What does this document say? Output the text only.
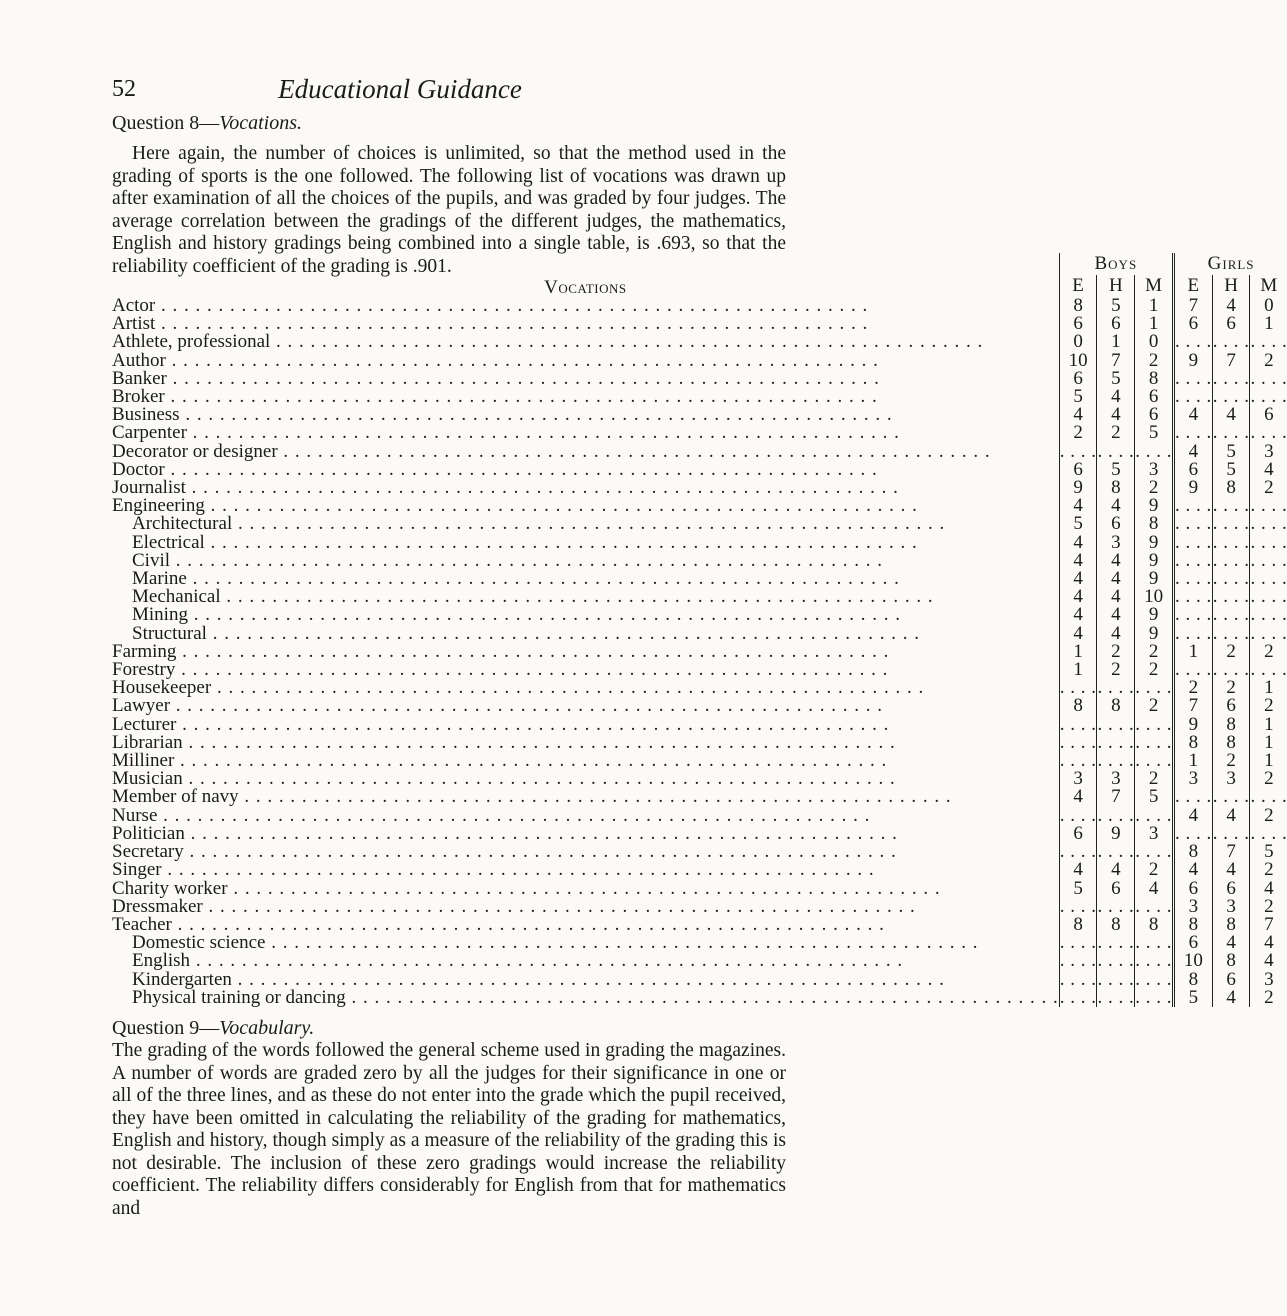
52	Educational Guidance
Question 8—Vocations.
Here again, the number of choices is unlimited, so that the method used in the grading of sports is the one followed. The following list of vocations was drawn up after examination of all the choices of the pupils, and was graded by four judges. The average correlation between the gradings of the different judges, the mathematics, English and history gradings being combined into a single table, is .693, so that the reliability coefficient of the grading is .901.
Vocations	Boys			Girls		
	E	H	M	E	H	M

Actor . . .	8	5	1	7	4	0

Artist . . .	6	6	1	6	6	1

Athlete, professional . . .	0	1	0	. . . .	. . . .	. . . .

Author . . .	10	7	2	9	7	2

Banker . . .	6	5	8	. . . .	. . . .	. . . .

Broker . . .	5	4	6	. . . .	. . . .	. . . .

Business . . .	4	4	6	4	4	6

Carpenter . . .	2	2	5	. . . .	. . . .	. . . .

Decorator or designer . . .
	. . . .	. . . .	. . . .	4	5	3

Doctor . . .	6	5	3	6	5	4

Journalist . . .	9	8	2	9	8	2

Engineering . . .	4	4	9	. . . .	. . . .	. . . .

Architectural . . .	5	6	8	. . . .	. . . .	. . . .

Electrical . . .	4	3	9	. . . .	. . . .	. . . .

Civil . . .	4	4	9	. . . .	. . . .	. . . .

Marine . . .	4	4	9	. . . .	. . . .	. . . .

Mechanical . . .	4	4	10	. . . .	. . . .	. . . .

Mining . . .	4	4	9	. . . .	. . . .	. . . .

Structural . . .	4	4	9	. . . .	. . . .	. . . .

Farming . . .	1	2	2	1	2	2

Forestry . . .	1	2	2	. . . .	. . . .	. . . .

Housekeeper . . .
	. . . .	. . . .	. . . .	2	2	1

Lawyer . . .	8	8	2	7	6	2

Lecturer . . .
	. . . .	. . . .	. . . .	9	8	1

Librarian . . .
	. . . .	. . . .	. . . .	8	8	1

Milliner . . .
	. . . .	. . . .	. . . .	1	2	1

Musician . . .	3	3	2	3	3	2

Member of navy . . .	4	7	5	. . . .	. . . .	. . . .

Nurse . . .
	. . . .	. . . .	. . . .	4	4	2

Politician . . .	6	9	3	. . . .	. . . .	. . . .

Secretary . . .
	. . . .	. . . .	. . . .	8	7	5

Singer . . .	4	4	2	4	4	2

Charity worker . . .	5	6	4	6	6	4

Dressmaker . . .
	. . . .	. . . .	. . . .	3	3	2

Teacher . . .	8	8	8	8	8	7

Domestic science . . .
	. . . .	. . . .	. . . .	6	4	4

English . . .
	. . . .	. . . .	. . . .	10	8	4

Kindergarten . . .
	. . . .	. . . .	. . . .	8	6	3

Physical training or dancing . . .
	. . . .	. . . .	. . . .	5	4	2
Question 9—Vocabulary.
The grading of the words followed the general scheme used in grading the magazines. A number of words are graded zero by all the judges for their significance in one or all of the three lines, and as these do not enter into the grade which the pupil received, they have been omitted in calculating the reliability of the grading for mathematics, English and history, though simply as a measure of the reliability of the grading this is not desirable. The inclusion of these zero gradings would increase the reliability coefficient. The reliability differs considerably for English from that for mathematics and
